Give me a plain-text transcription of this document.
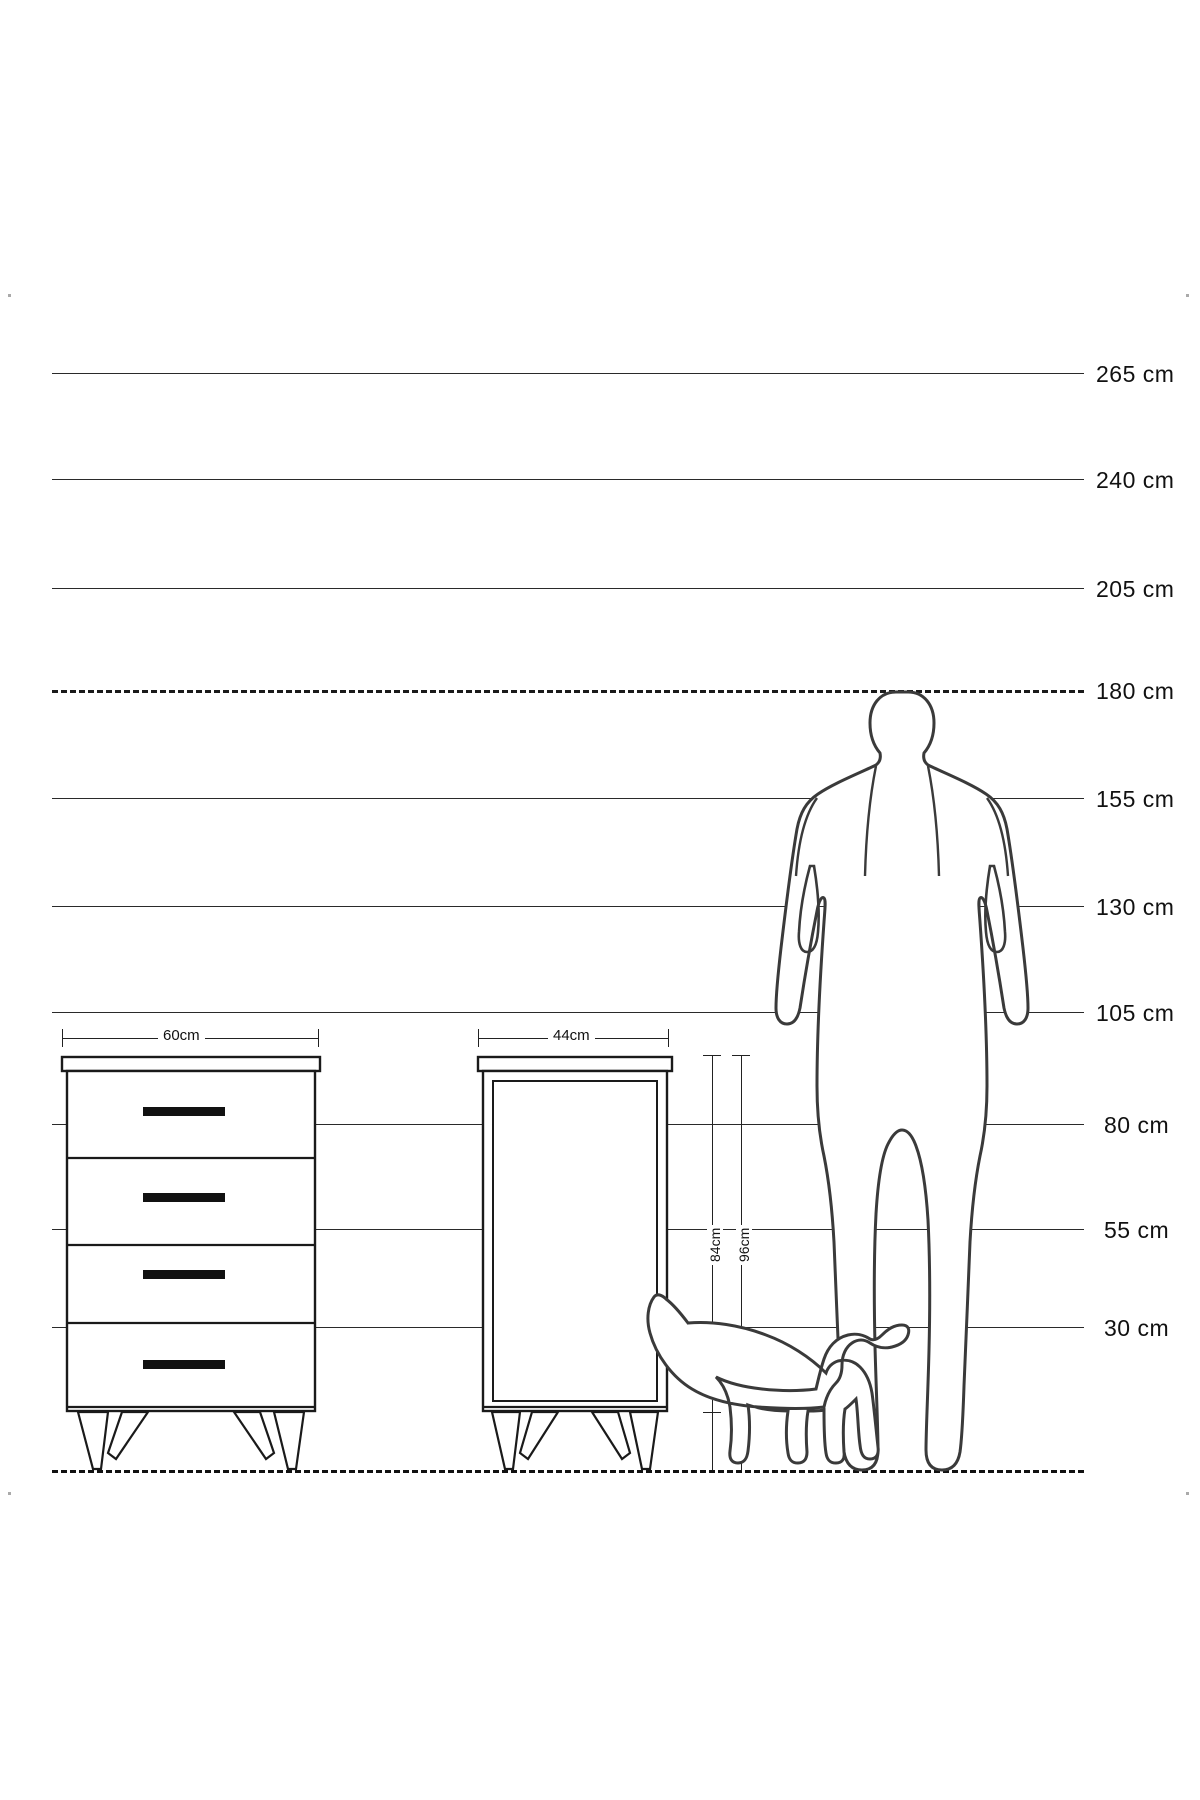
265 cm
240 cm
205 cm
180 cm
155 cm
130 cm
105 cm
80 cm
55 cm
30 cm
60cm	44cm
84cm 96cm
